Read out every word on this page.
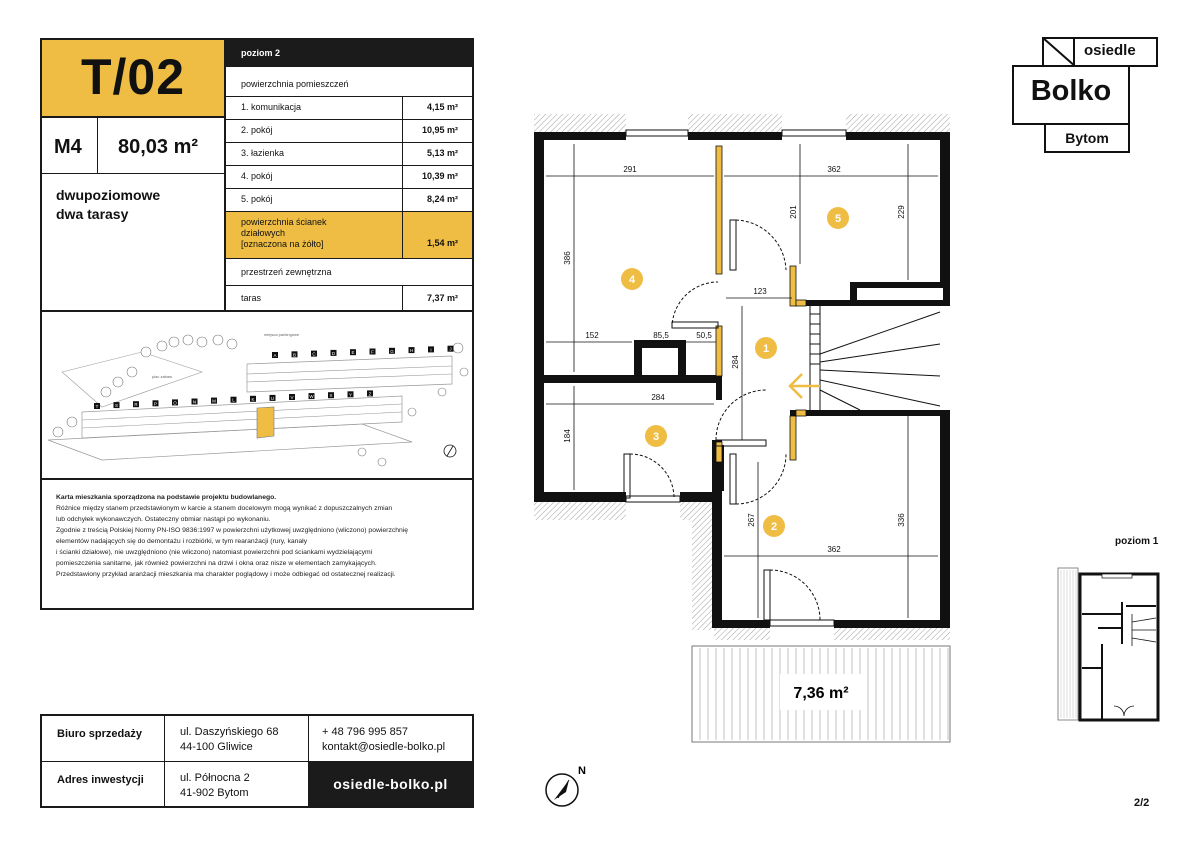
T/02
M4 80,03 m²
dwupoziomowe
dwa tarasy
poziom 2
powierzchnia pomieszczeń
1. komunikacja	4,15 m²
2. pokój	10,95 m²
3. łazienka	5,13 m²
4. pokój	10,39 m²
5. pokój	8,24 m²
powierzchnia ścianek
działowych
[oznaczona na żółto]	1,54 m²
przestrzeń zewnętrzna
taras	7,37 m²
miejsca parkingowe
plac zabaw
A	B	C	D	E	F	G	H	I	J
T	S	R	P	O	N	M	L	K	U	V	W	X	Y	Z
Karta mieszkania sporządzona na podstawie projektu budowlanego.
Różnice między stanem przedstawionym w karcie a stanem docelowym mogą wynikać z dopuszczalnych zmian
lub odchyłek wykonawczych. Ostateczny obmiar nastąpi po wykonaniu.
Zgodnie z treścią Polskiej Normy PN-ISO 9836:1997 w powierzchni użytkowej uwzględniono (wliczono) powierzchnię
elementów nadających się do demontażu i rozbiórki, w tym rearanżacji (rury, kanały
i ścianki działowe), nie uwzględniono (nie wliczono) natomiast powierzchni pod ściankami wydzielającymi
pomieszczenia sanitarne, jak również powierzchni na drzwi i okna oraz nisze w elementach zamykających.
Przedstawiony przykład aranżacji mieszkania ma charakter poglądowy i może odbiegać od ostatecznej realizacji.
Biuro sprzedaży	ul. Daszyńskiego 68
44-100 Gliwice
+ 48 796 995 857
kontakt@osiedle-bolko.pl
Adres inwestycji	ul. Północna 2
41-902 Bytom
osiedle-bolko.pl
osiedle
Bolko
Bytom
291	362
201	229
386
123
152	85,5	50,5
284
284
184
267	336
362
1
2
3
4
5
7,36 m²
N
poziom 1
2/2
